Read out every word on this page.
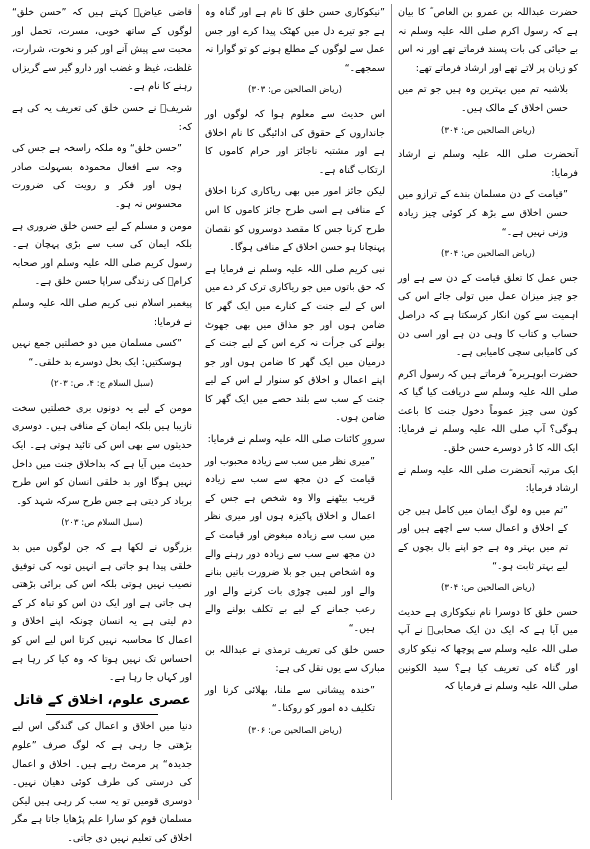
حضرت عبداللہ بن عمرو بن العاص ؓ کا بیان ہے کہ رسول اکرم صلی اللہ علیہ وسلم نہ بے حیائی کی بات پسند فرماتے تھے اور نہ اس کو زبان پر لاتے تھے اور ارشاد فرماتے تھے:

بلاشبہ تم میں بہترین وہ ہیں جو تم میں حسن اخلاق کے مالک ہیں۔

(ریاض الصالحین ص: ۳۰۴)

آنحضرت صلی اللہ علیہ وسلم نے ارشاد فرمایا:

”قیامت کے دن مسلمان بندے کے ترازو میں حسن اخلاق سے بڑھ کر کوئی چیز زیادہ وزنی نہیں ہے۔“

(ریاض الصالحین ص: ۳۰۴)

جس عمل کا تعلق قیامت کے دن سے ہے اور جو چیز میزان عمل میں تولی جائے اس کی اہمیت سے کون انکار کرسکتا ہے کہ دراصل حساب و کتاب کا وہی دن ہے اور اسی دن کی کامیابی سچی کامیابی ہے۔

حضرت ابوہریرہ ؓ فرماتے ہیں کہ رسول اکرم صلی اللہ علیہ وسلم سے دریافت کیا گیا کہ کون سی چیز عموماً دخول جنت کا باعث ہوگی؟ آپ صلی اللہ علیہ وسلم نے فرمایا: ایک اللہ کا ڈر دوسرے حسن خلق۔

ایک مرتبہ آنحضرت صلی اللہ علیہ وسلم نے ارشاد فرمایا:

”تم میں وہ لوگ ایمان میں کامل ہیں جن کے اخلاق و اعمال سب سے اچھے ہیں اور تم میں بہتر وہ ہے جو اپنے بال بچوں کے لیے بہتر ثابت ہو۔“

(ریاض الصالحین ص: ۳۰۴)

حسن خلق کا دوسرا نام نیکوکاری ہے حدیث میں آیا ہے کہ ایک دن ایک صحابیؓ نے آپ صلی اللہ علیہ وسلم سے پوچھا کہ نیکو کاری اور گناہ کی تعریف کیا ہے؟ سید الکونین صلی اللہ علیہ وسلم نے فرمایا کہ

”نیکوکاری حسن خلق کا نام ہے اور گناہ وہ ہے جو تیرے دل میں کھٹک پیدا کرے اور جس عمل سے لوگوں کے مطلع ہونے کو تو گوارا نہ سمجھے۔“

(ریاض الصالحین ص: ۳۰۳)

اس حدیث سے معلوم ہوا کہ لوگوں اور جانداروں کے حقوق کی ادائیگی کا نام اخلاق ہے اور مشتبہ ناجائز اور حرام کاموں کا ارتکاب گناہ ہے۔

لیکن جائز امور میں بھی ریاکاری کرنا اخلاق کے منافی ہے اسی طرح جائز کاموں کا اس طرح کرنا جس کا مقصد دوسروں کو نقصان پہنچانا ہو حسن اخلاق کے منافی ہوگا۔

نبی کریم صلی اللہ علیہ وسلم نے فرمایا ہے کہ حق باتوں میں جو ریاکاری ترک کر دے میں اس کے لیے جنت کے کنارے میں ایک گھر کا ضامن ہوں اور جو مذاق میں بھی جھوٹ بولنے کی جرأت نہ کرے اس کے لیے جنت کے درمیان میں ایک گھر کا ضامن ہوں اور جو اپنے اعمال و اخلاق کو سنوار لے اس کے لیے جنت کے سب سے بلند حصے میں ایک گھر کا ضامن ہوں۔

سرورِ کائنات صلی اللہ علیہ وسلم نے فرمایا:

”میری نظر میں سب سے زیادہ محبوب اور قیامت کے دن مجھ سے سب سے زیادہ قریب بیٹھنے والا وہ شخص ہے جس کے اعمال و اخلاق پاکیزہ ہوں اور میری نظر میں سب سے زیادہ مبغوض اور قیامت کے دن مجھ سے سب سے زیادہ دور رہنے والے وہ اشخاص ہیں جو بلا ضرورت باتیں بنانے والے اور لمبی چوڑی بات کرنے والے اور رعب جمانے کے لیے بے تکلف بولنے والے ہیں۔“

حسن خلق کی تعریف ترمذی نے عبداللہ بن مبارک سے یوں نقل کی ہے:

”خندہ پیشانی سے ملنا، بھلائی کرنا اور تکلیف دہ امور کو روکنا۔“

(ریاض الصالحین ص: ۳۰۶)

قاضی عیاضؒ کہتے ہیں کہ ”حسن خلق“ لوگوں کے ساتھ خوبی، مسرت، تحمل اور محبت سے پیش آنے اور کبر و نخوت، شرارت، غلظت، غیظ و غضب اور دارو گیر سے گریزاں رہنے کا نام ہے۔

شریفؒ نے حسن خلق کی تعریف یہ کی ہے کہ:

”حسن خلق“ وہ ملکہ راسخہ ہے جس کی وجہ سے افعال محمودہ بسہولت صادر ہوں اور فکر و رویت کی ضرورت محسوس نہ ہو۔

مومن و مسلم کے لیے حسن خلق ضروری ہے بلکہ ایمان کی سب سے بڑی پہچان ہے۔ رسول کریم صلی اللہ علیہ وسلم اور صحابہ کرامؓ کی زندگی سراپا حسن خلق ہے۔

پیغمبر اسلام نبی کریم صلی اللہ علیہ وسلم نے فرمایا:

”کسی مسلمان میں دو خصلتیں جمع نہیں ہوسکتیں: ایک بخل دوسرے بد خلقی۔“

(سبل السلام ج: ۴، ص: ۲۰۳)

مومن کے لیے یہ دونوں بری خصلتیں سخت نازیبا ہیں بلکہ ایمان کے منافی ہیں۔ دوسری حدیثوں سے بھی اس کی تائید ہوتی ہے۔ ایک حدیث میں آیا ہے کہ بداخلاق جنت میں داخل نہیں ہوگا اور بد خلقی انسان کو اس طرح برباد کر دیتی ہے جس طرح سرکہ شہد کو۔

(سبل السلام ص: ۲۰۳)

بزرگوں نے لکھا ہے کہ جن لوگوں میں بد خلقی پیدا ہو جاتی ہے انہیں توبہ کی توفیق نصیب نہیں ہوتی بلکہ اس کی برائی بڑھتی ہی جاتی ہے اور ایک دن اس کو تباہ کر کے دم لیتی ہے یہ انسان چونکہ اپنے اخلاق و اعمال کا محاسبہ نہیں کرتا اس لیے اس کو احساس تک نہیں ہوتا کہ وہ کیا کر رہا ہے اور کہاں جا رہا ہے۔

عصری علوم، اخلاق کے قاتل

دنیا میں اخلاق و اعمال کی گندگی اس لیے بڑھتی جا رہی ہے کہ لوگ صرف ”علوم جدیدہ“ پر مرمٹ رہے ہیں۔ اخلاق و اعمال کی درستی کی طرف کوئی دھیان نہیں۔ دوسری قومیں تو یہ سب کر رہی ہیں لیکن مسلمان قوم کو سارا علم پڑھایا جاتا ہے مگر اخلاق کی تعلیم نہیں دی جاتی۔
